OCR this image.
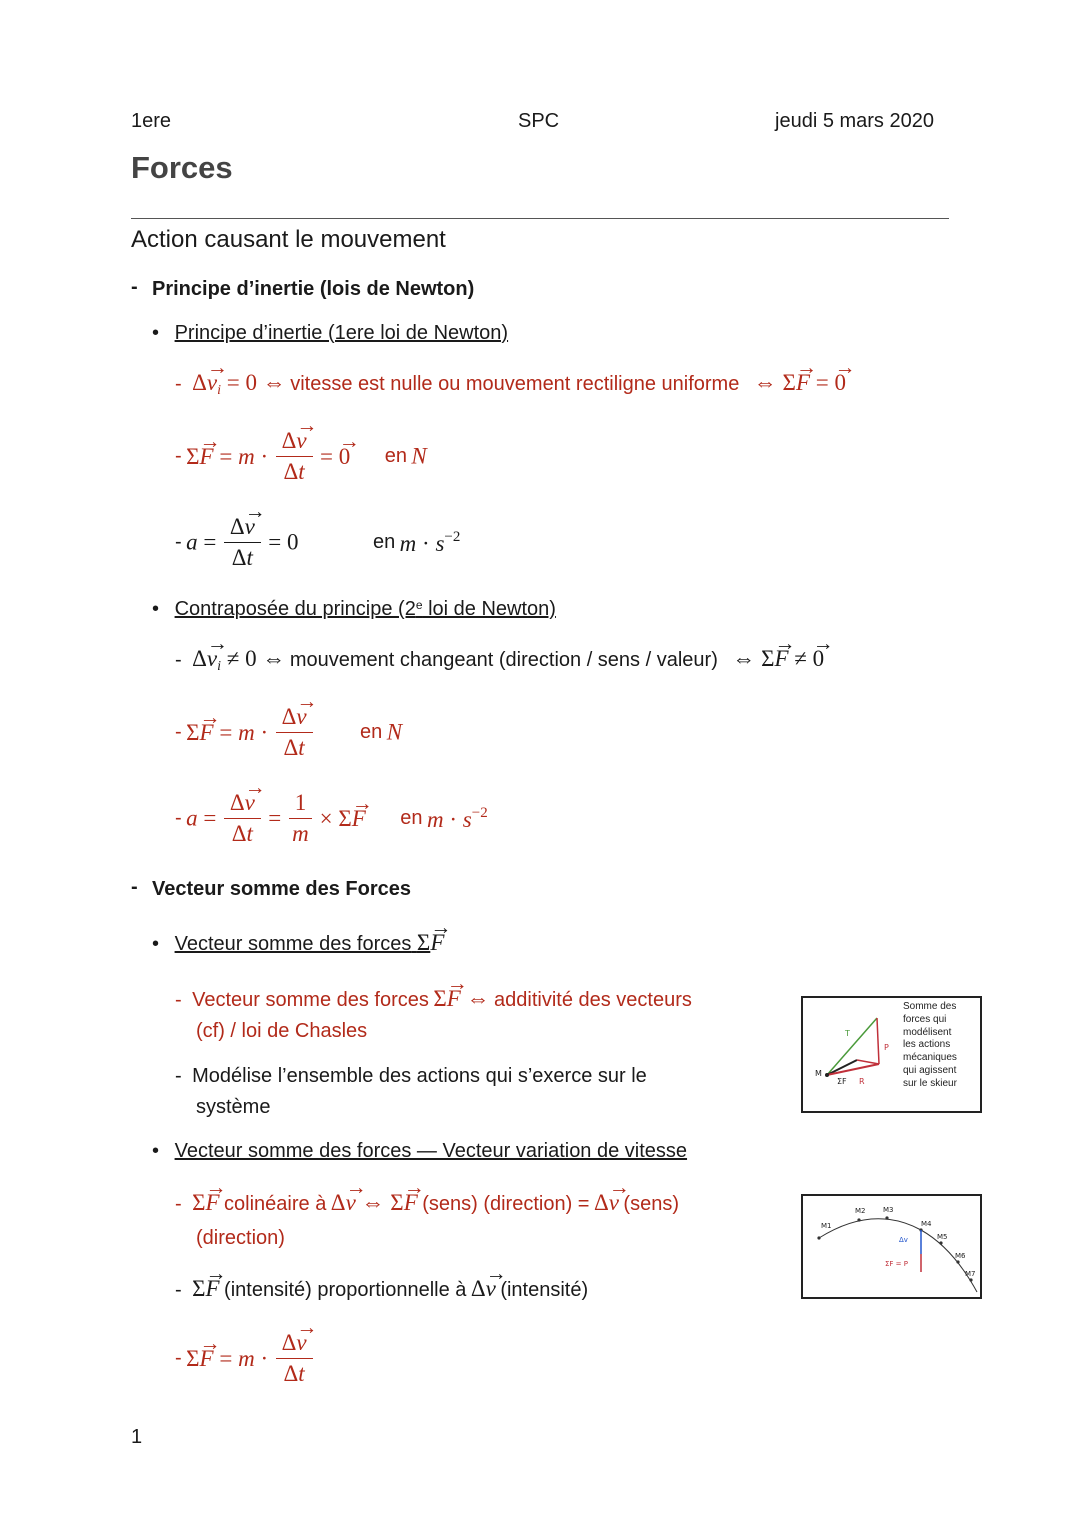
1ere	SPC	jeudi 5 mars 2020
Forces
Action causant le mouvement
- Principe d’inertie (lois de Newton)
• Principe d’inertie (1ere loi de Newton)
- $\Delta\to v_i = 0$ ⇔ vitesse est nulle ou mouvement rectiligne uniforme ⇔ Σ→ F = → 0
- $\Sigma\to F = m \cdot \frac{\Delta\to v}{\Delta t}$ = → 0 en N
- $a = \frac{\Delta\to v}{\Delta t} = 0$	en $m \cdot s^{-2}$
• Contraposée du principe (2e loi de Newton)
- $\Delta\to v_i \ne 0$ ⇔ mouvement changeant (direction / sens / valeur) ⇔ Σ→ F ≠ → 0
- $\Sigma\to F = m \cdot \frac{\Delta\to v}{\Delta t}$ en N
- $a = \frac{\Delta\to v}{\Delta t} = \frac{1}{m} \times \Sigma\to F$ en $m \cdot s^{-2}$
- Vecteur somme des Forces
• Vecteur somme des forces Σ→ F
- Vecteur somme des forces Σ→ F ⇔ additivité des vecteurs
(cf) / loi de Chasles
- Modélise l’ensemble des actions qui s’exerce sur le
système
T
P
R
M
ΣF
Somme des
forces qui
modélisent
les actions
mécaniques
qui agissent
sur le skieur
• Vecteur somme des forces — Vecteur variation de vitesse
- Σ→ F colinéaire à Δ→ v ⇔ Σ→ F (sens) (direction) = Δ→ v (sens)
(direction)
- Σ→ F (intensité) proportionnelle à Δ→ v (intensité)
- $\Sigma\to F = m \cdot \frac{\Delta\to v}{\Delta t}$
M1
M2	M3
M4
M5
M6
M7
Δv
ΣF = P
1
